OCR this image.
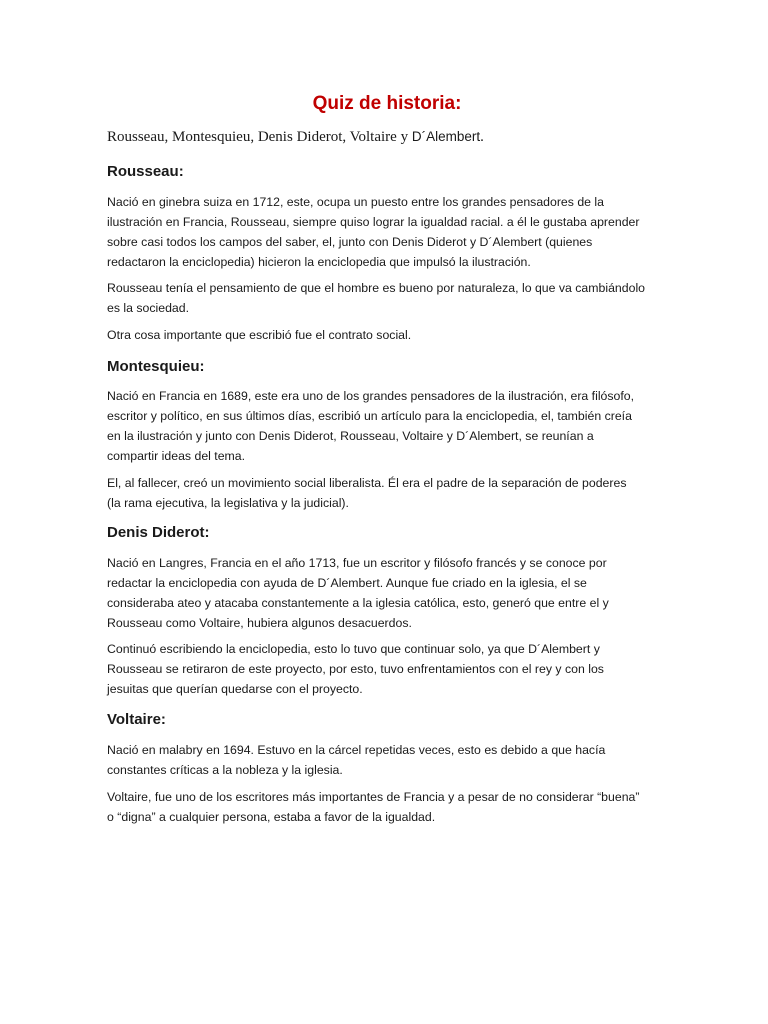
Quiz de historia:
Rousseau, Montesquieu, Denis Diderot, Voltaire y D´Alembert.
Rousseau:

Nació en ginebra suiza en 1712, este, ocupa un puesto entre los grandes pensadores de la
ilustración en Francia, Rousseau, siempre quiso lograr la igualdad racial. a él le gustaba aprender
sobre casi todos los campos del saber, el, junto con Denis Diderot y D´Alembert (quienes
redactaron la enciclopedia) hicieron la enciclopedia que impulsó la ilustración.

Rousseau tenía el pensamiento de que el hombre es bueno por naturaleza, lo que va cambiándolo
es la sociedad.

Otra cosa importante que escribió fue el contrato social.

Montesquieu:

Nació en Francia en 1689, este era uno de los grandes pensadores de la ilustración, era filósofo,
escritor y político, en sus últimos días, escribió un artículo para la enciclopedia, el, también creía
en la ilustración y junto con Denis Diderot, Rousseau, Voltaire y D´Alembert, se reunían a
compartir ideas del tema.

El, al fallecer, creó un movimiento social liberalista. Él era el padre de la separación de poderes
(la rama ejecutiva, la legislativa y la judicial).

Denis Diderot:

Nació en Langres, Francia en el año 1713, fue un escritor y filósofo francés y se conoce por
redactar la enciclopedia con ayuda de D´Alembert. Aunque fue criado en la iglesia, el se
consideraba ateo y atacaba constantemente a la iglesia católica, esto, generó que entre el y
Rousseau como Voltaire, hubiera algunos desacuerdos.

Continuó escribiendo la enciclopedia, esto lo tuvo que continuar solo, ya que D´Alembert y
Rousseau se retiraron de este proyecto, por esto, tuvo enfrentamientos con el rey y con los
jesuitas que querían quedarse con el proyecto.

Voltaire:

Nació en malabry en 1694. Estuvo en la cárcel repetidas veces, esto es debido a que hacía
constantes críticas a la nobleza y la iglesia.

Voltaire, fue uno de los escritores más importantes de Francia y a pesar de no considerar “buena”
o “digna” a cualquier persona, estaba a favor de la igualdad.
